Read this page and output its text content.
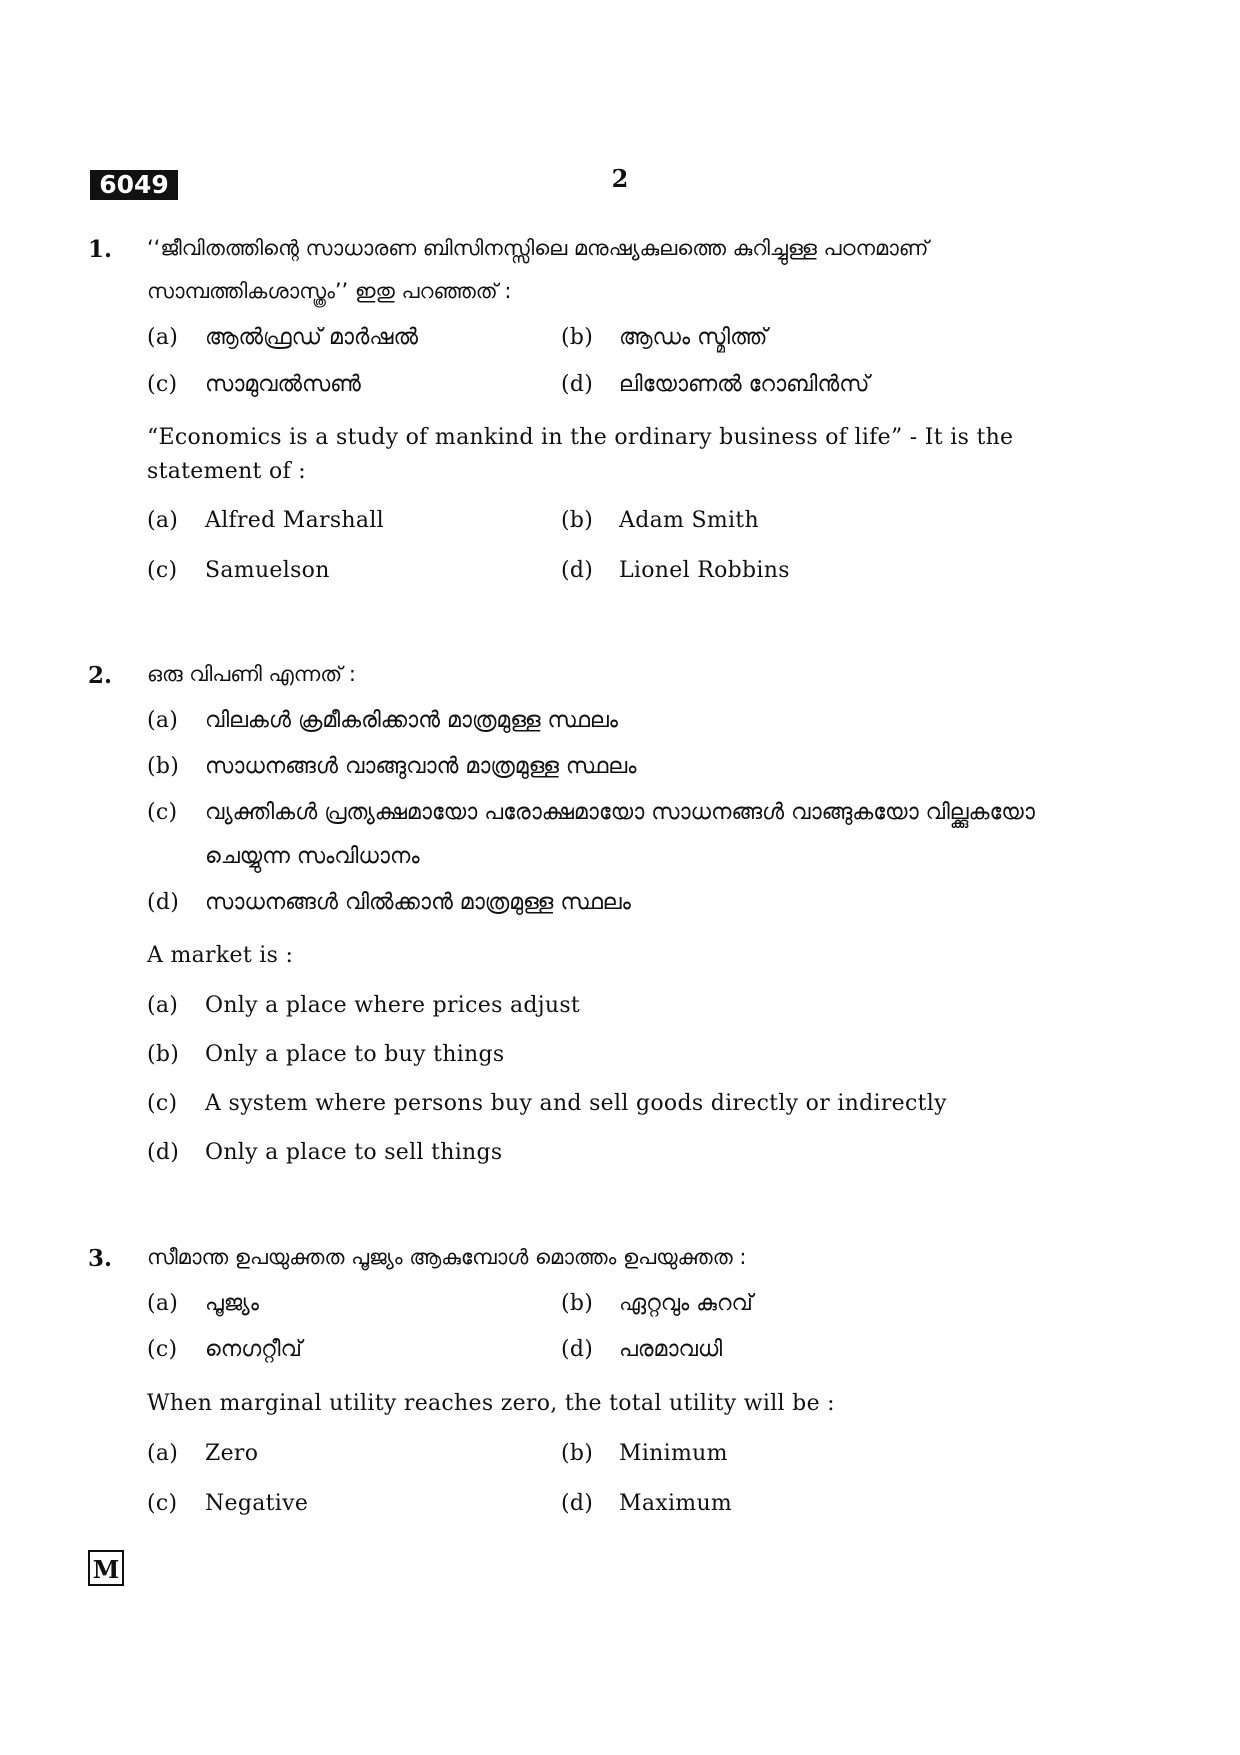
6049	2
1. ‘‘ജീവിതത്തിന്റെ സാധാരണ ബിസിനസ്സിലെ മനുഷ്യകുലത്തെ കുറിച്ചുള്ള പഠനമാണ്
സാമ്പത്തികശാസ്ത്രം’’ ഇതു പറഞ്ഞത് :
(a) ആൽഫ്രഡ് മാർഷൽ	(b) ആഡം സ്മിത്ത്
(c) സാമുവൽസൺ	(d) ലിയോണൽ റോബിൻസ്
“Economics is a study of mankind in the ordinary business of life” - It is the
statement of :
(a) Alfred Marshall	(b) Adam Smith
(c) Samuelson	(d) Lionel Robbins
2. ഒരു വിപണി എന്നത് :
(a) വിലകൾ ക്രമീകരിക്കാൻ മാത്രമുള്ള സ്ഥലം
(b) സാധനങ്ങൾ വാങ്ങുവാൻ മാത്രമുള്ള സ്ഥലം
(c) വ്യക്തികൾ പ്രത്യക്ഷമായോ പരോക്ഷമായോ സാധനങ്ങൾ വാങ്ങുകയോ വില്ക്കുകയോ
ചെയ്യുന്ന സംവിധാനം
(d) സാധനങ്ങൾ വിൽക്കാൻ മാത്രമുള്ള സ്ഥലം
A market is :
(a) Only a place where prices adjust
(b) Only a place to buy things
(c) A system where persons buy and sell goods directly or indirectly
(d) Only a place to sell things
3. സീമാന്ത ഉപയുക്തത പൂജ്യം ആകുമ്പോൾ മൊത്തം ഉപയുക്തത :
(a) പൂജ്യം	(b) ഏറ്റവും കുറവ്
(c) നെഗറ്റീവ്	(d) പരമാവധി
When marginal utility reaches zero, the total utility will be :
(a) Zero	(b) Minimum
(c) Negative	(d) Maximum
M
